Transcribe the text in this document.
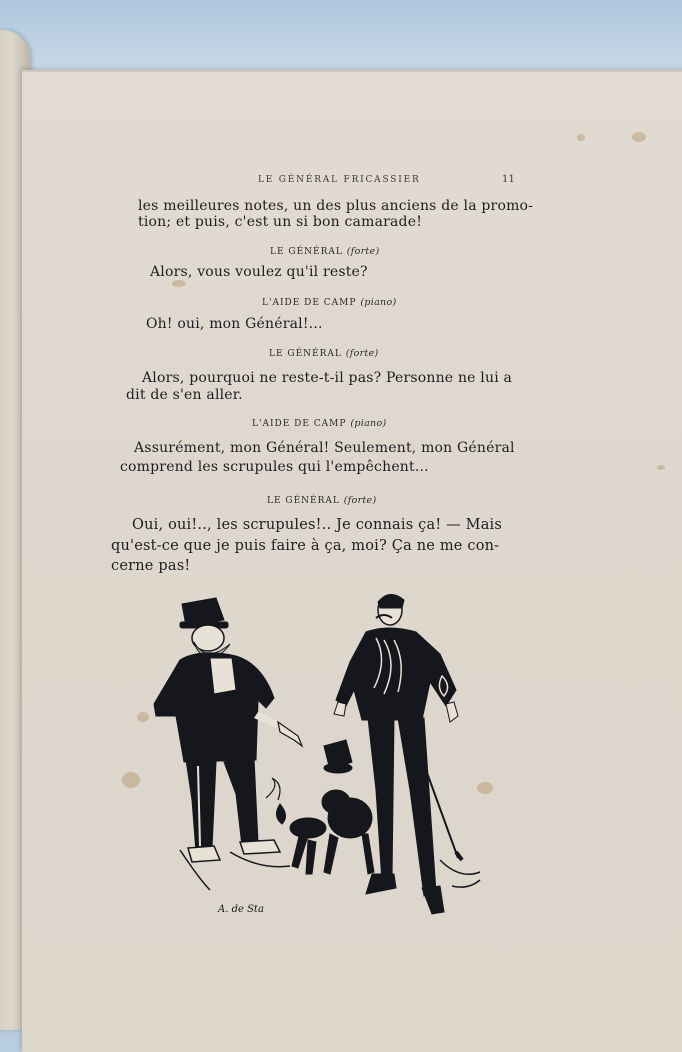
LE GÉNÉRAL FRICASSIER	11
les meilleures notes, un des plus anciens de la promo-
tion; et puis, c'est un si bon camarade!
LE GÉNÉRAL (forte)
Alors, vous voulez qu'il reste?
L'AIDE DE CAMP (piano)
Oh! oui, mon Général!...
LE GÉNÉRAL (forte)
Alors, pourquoi ne reste-t-il pas? Personne ne lui a
dit de s'en aller.
L'AIDE DE CAMP (piano)
Assurément, mon Général! Seulement, mon Général
comprend les scrupules qui l'empêchent...
LE GÉNÉRAL (forte)
Oui, oui!.., les scrupules!.. Je connais ça! — Mais
qu'est-ce que je puis faire à ça, moi? Ça ne me con-
cerne pas!
A. de Sta
